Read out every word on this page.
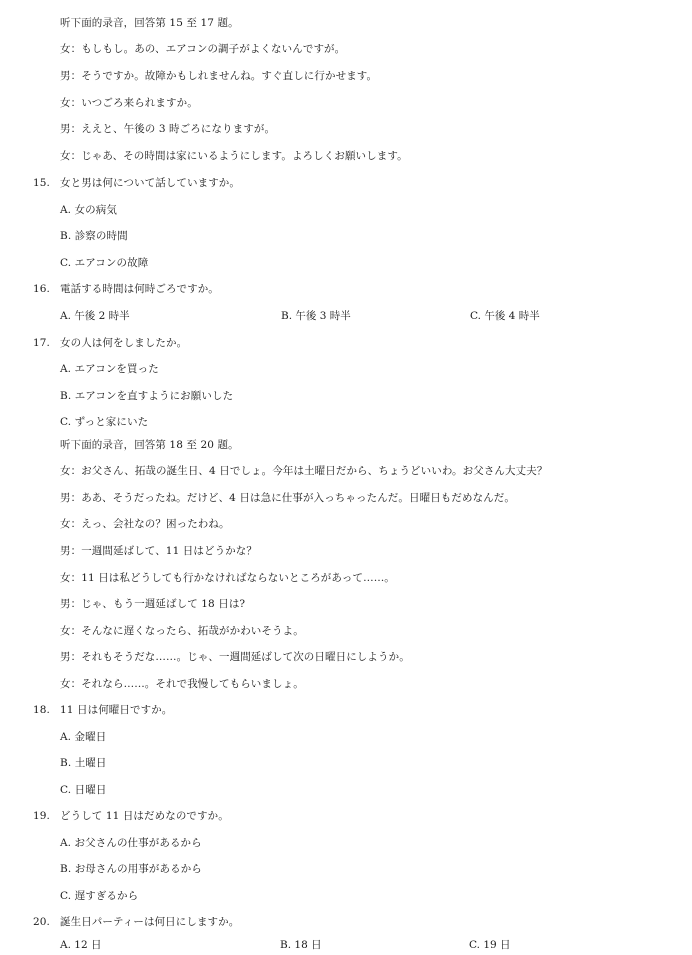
听下面的录音，回答第 15 至 17 题。
女：もしもし。あの、エアコンの調子がよくないんですが。
男：そうですか。故障かもしれませんね。すぐ直しに行かせます。
女：いつごろ来られますか。
男：ええと、午後の 3 時ごろになりますが。
女：じゃあ、その時間は家にいるようにします。よろしくお願いします。
15. 女と男は何について話していますか。
A. 女の病気
B. 診察の時間
C. エアコンの故障
16. 電話する時間は何時ごろですか。
A. 午後 2 時半	B. 午後 3 時半	C. 午後 4 時半
17. 女の人は何をしましたか。
A. エアコンを買った
B. エアコンを直すようにお願いした
C. ずっと家にいた
听下面的录音，回答第 18 至 20 题。
女：お父さん、拓哉の誕生日、4 日でしょ。今年は土曜日だから、ちょうどいいわ。お父さん大丈夫？
男：ああ、そうだったね。だけど、4 日は急に仕事が入っちゃったんだ。日曜日もだめなんだ。
女：えっ、会社なの？困ったわね。
男：一週間延ばして、11 日はどうかな？
女：11 日は私どうしても行かなければならないところがあって……。
男：じゃ、もう一週延ばして 18 日は?
女：そんなに遅くなったら、拓哉がかわいそうよ。
男：それもそうだな……。じゃ、一週間延ばして次の日曜日にしようか。
女：それなら……。それで我慢してもらいましょ。
18. 11 日は何曜日ですか。
A. 金曜日
B. 土曜日
C. 日曜日
19. どうして 11 日はだめなのですか。
A. お父さんの仕事があるから
B. お母さんの用事があるから
C. 遅すぎるから
20. 誕生日パーティーは何日にしますか。
A. 12 日	B. 18 日	C. 19 日
